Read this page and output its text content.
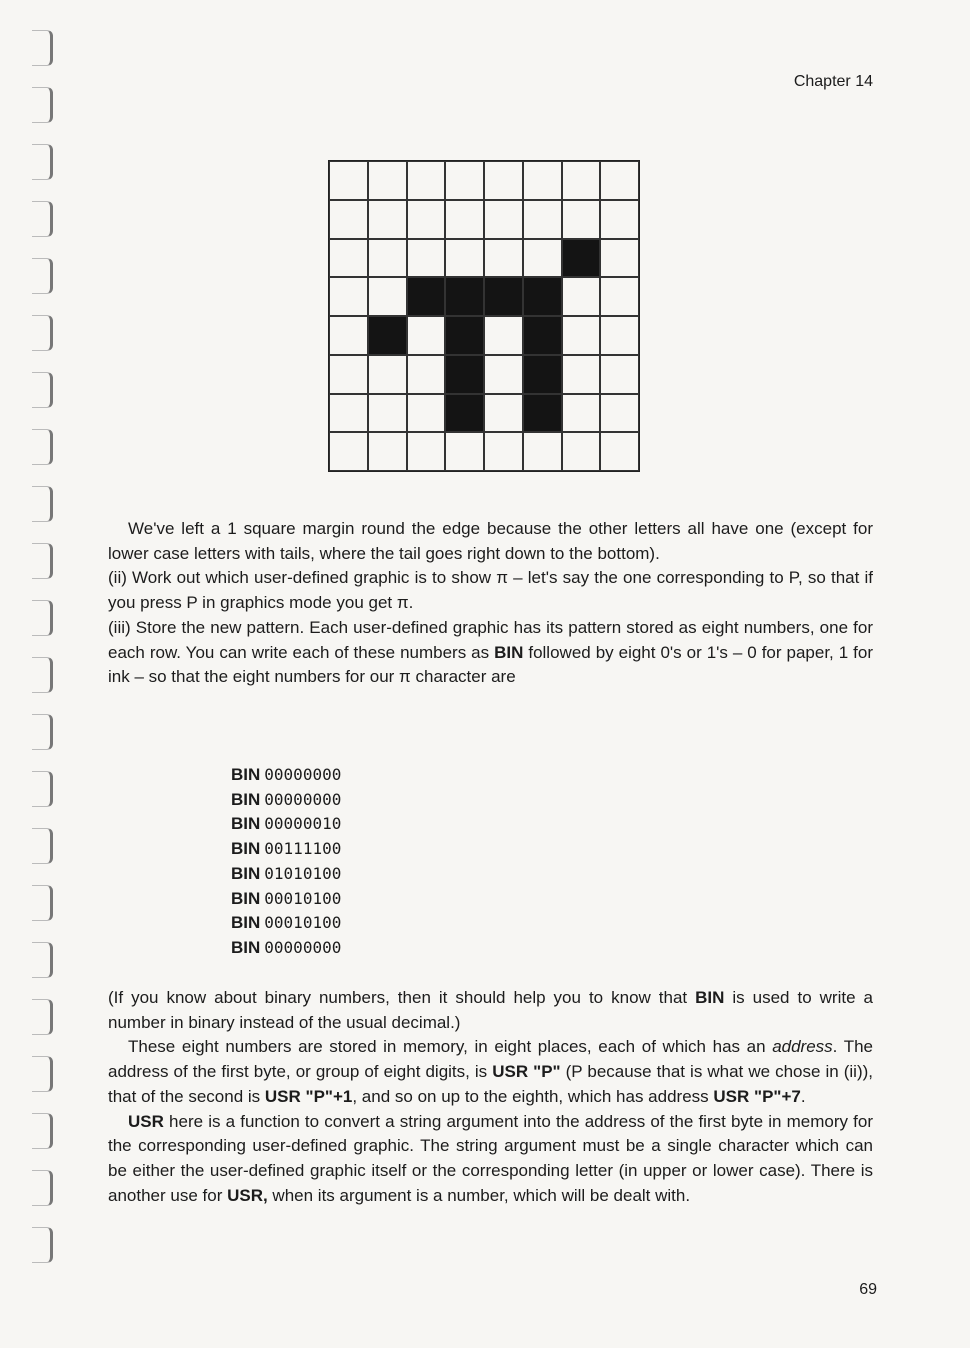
Chapter 14

We've left a 1 square margin round the edge because the other letters all have one (except for lower case letters with tails, where the tail goes right down to the bottom).

(ii) Work out which user-defined graphic is to show π – let's say the one corresponding to P, so that if you press P in graphics mode you get π.

(iii) Store the new pattern. Each user-defined graphic has its pattern stored as eight numbers, one for each row. You can write each of these numbers as BIN followed by eight 0's or 1's – 0 for paper, 1 for ink – so that the eight numbers for our π character are

BIN 00000000
BIN 00000000
BIN 00000010
BIN 00111100
BIN 01010100
BIN 00010100
BIN 00010100
BIN 00000000

(If you know about binary numbers, then it should help you to know that BIN is used to write a number in binary instead of the usual decimal.)

These eight numbers are stored in memory, in eight places, each of which has an address. The address of the first byte, or group of eight digits, is USR "P" (P because that is what we chose in (ii)), that of the second is USR "P"+1, and so on up to the eighth, which has address USR "P"+7.

USR here is a function to convert a string argument into the address of the first byte in memory for the corresponding user-defined graphic. The string argument must be a single character which can be either the user-defined graphic itself or the corresponding letter (in upper or lower case). There is another use for USR, when its argument is a number, which will be dealt with.

69
